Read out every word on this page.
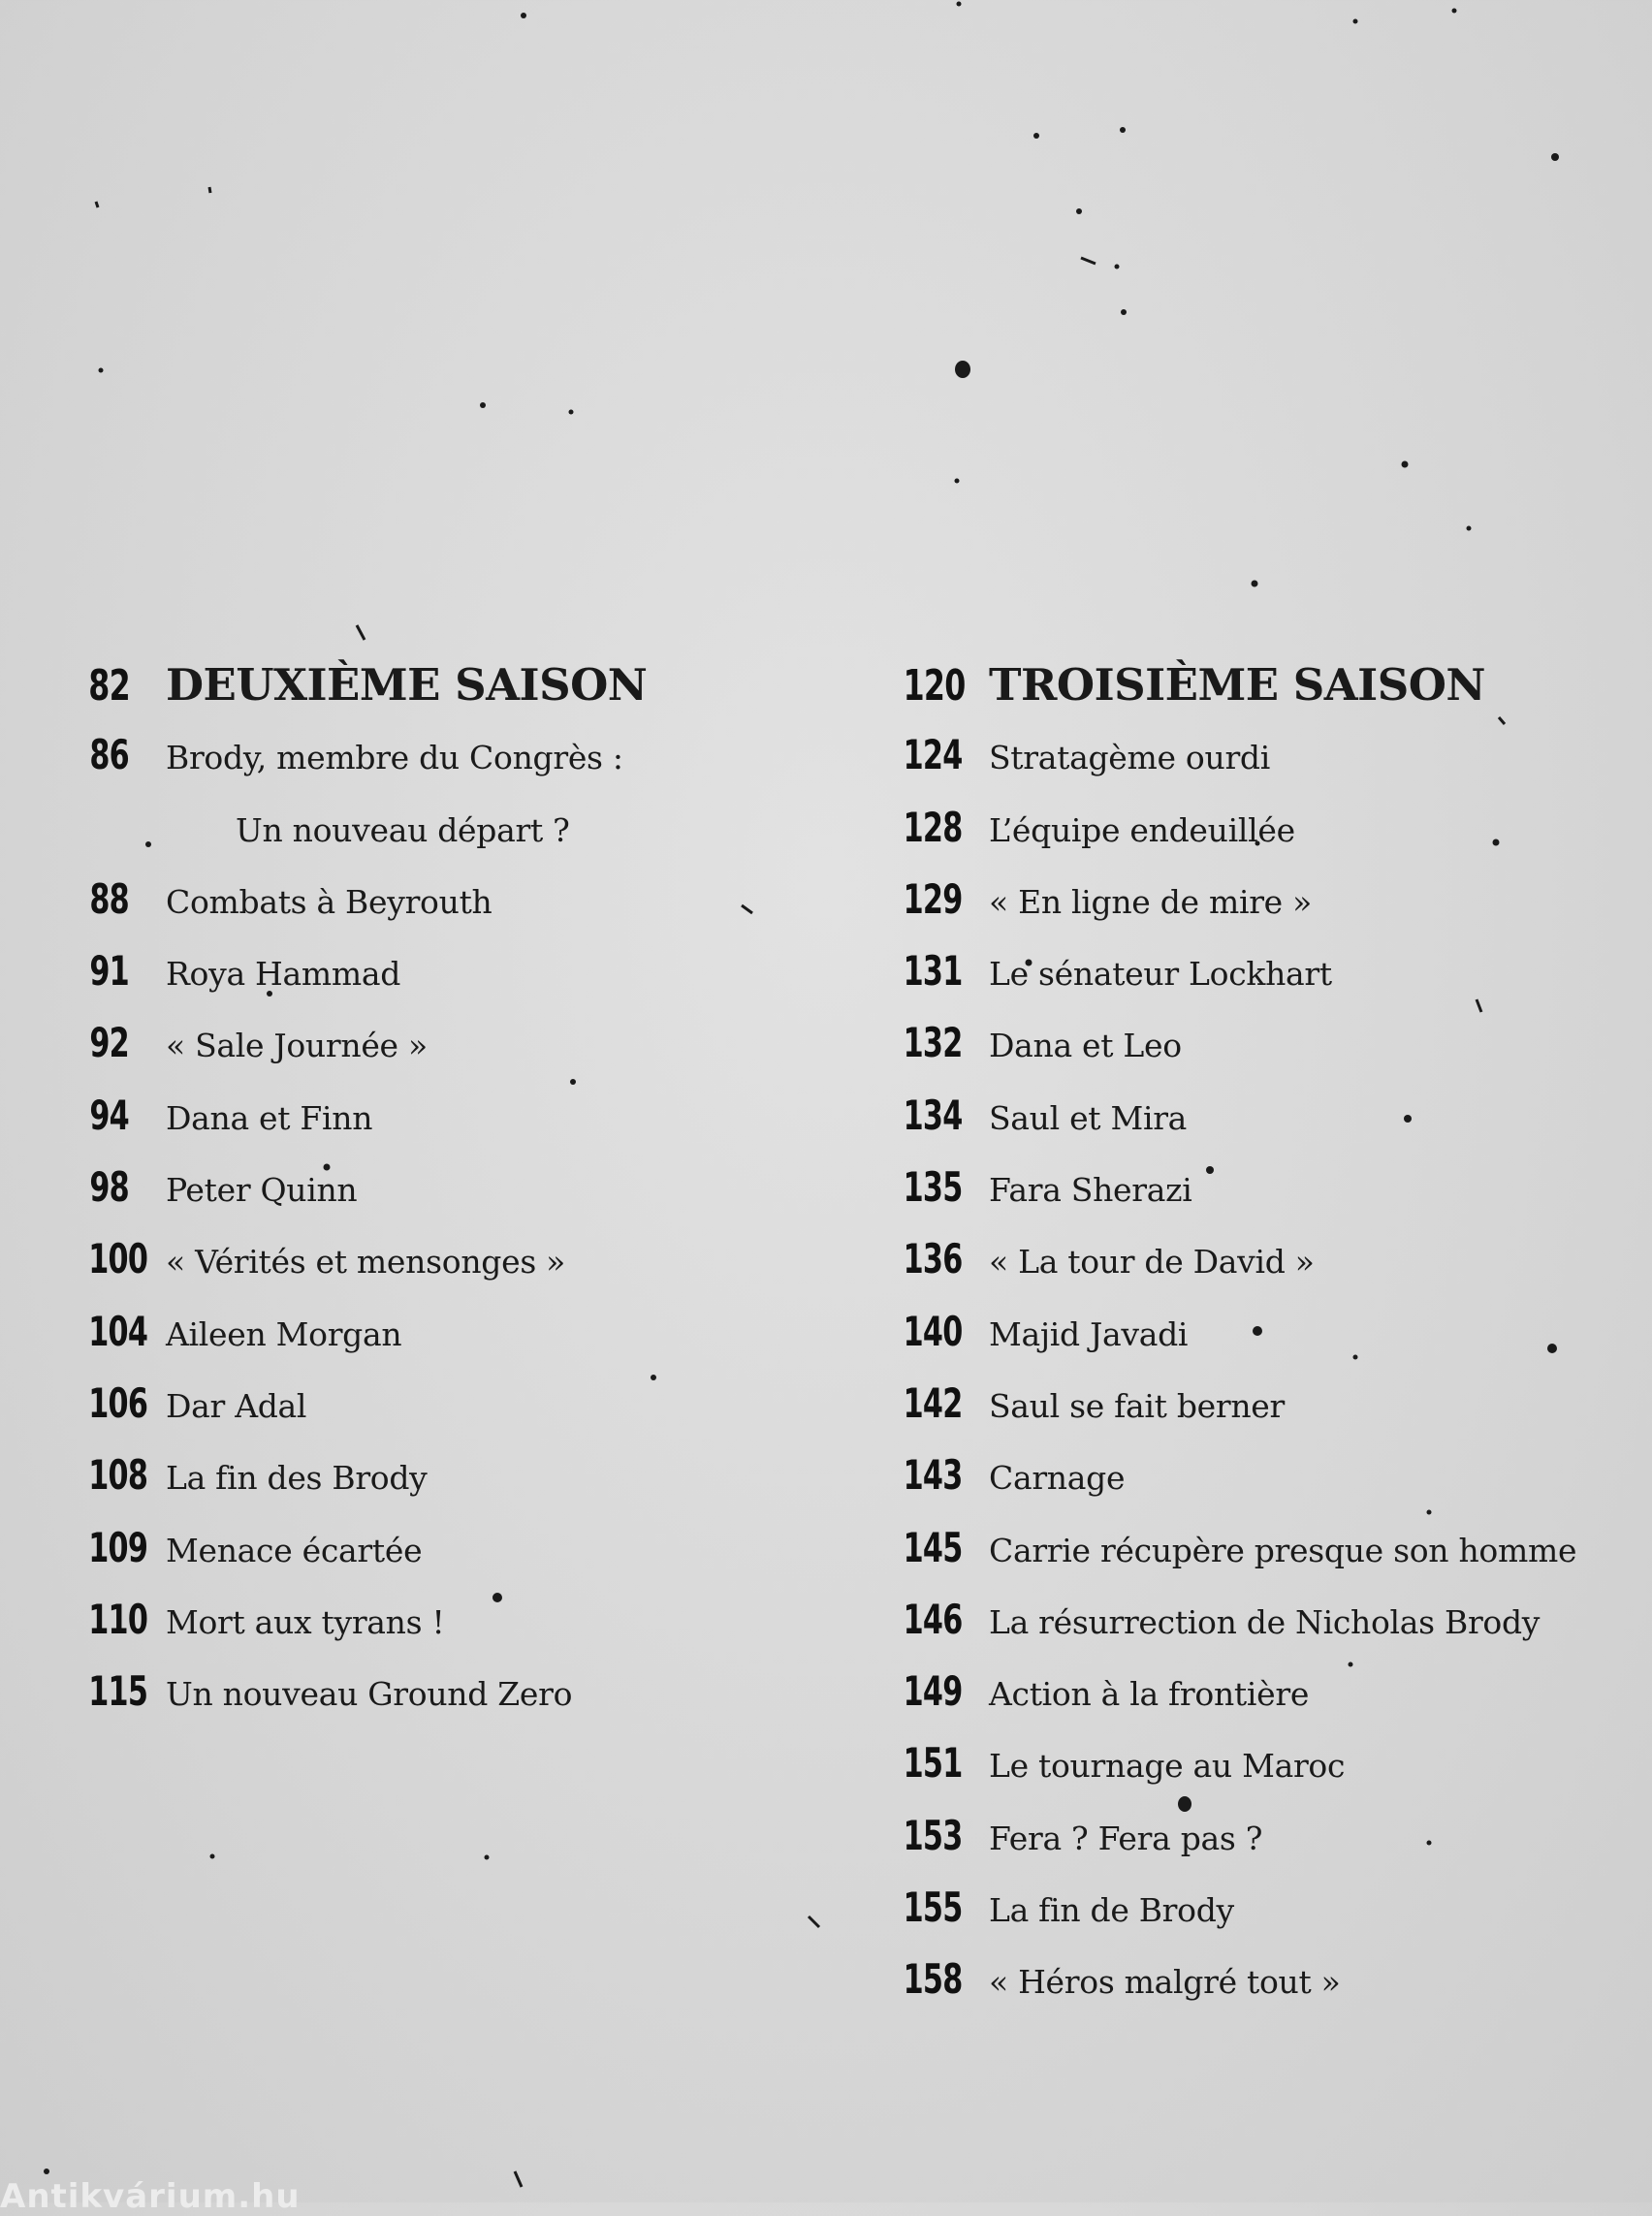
82 DEUXIÈME SAISON
86 Brody, membre du Congrès :
Un nouveau départ ?
88 Combats à Beyrouth
91 Roya Hammad
92 « Sale Journée »
94 Dana et Finn
98 Peter Quinn
100 « Vérités et mensonges »
104 Aileen Morgan
106 Dar Adal
108 La fin des Brody
109 Menace écartée
110 Mort aux tyrans !
115 Un nouveau Ground Zero
120 TROISIÈME SAISON
124 Stratagème ourdi
128 L’équipe endeuillée
129 « En ligne de mire »
131 Le sénateur Lockhart
132 Dana et Leo
134 Saul et Mira
135 Fara Sherazi
136 « La tour de David »
140 Majid Javadi
142 Saul se fait berner
143 Carnage
145 Carrie récupère presque son homme
146 La résurrection de Nicholas Brody
149 Action à la frontière
151 Le tournage au Maroc
153 Fera ? Fera pas ?
155 La fin de Brody
158 « Héros malgré tout »
Antikvárium.hu
